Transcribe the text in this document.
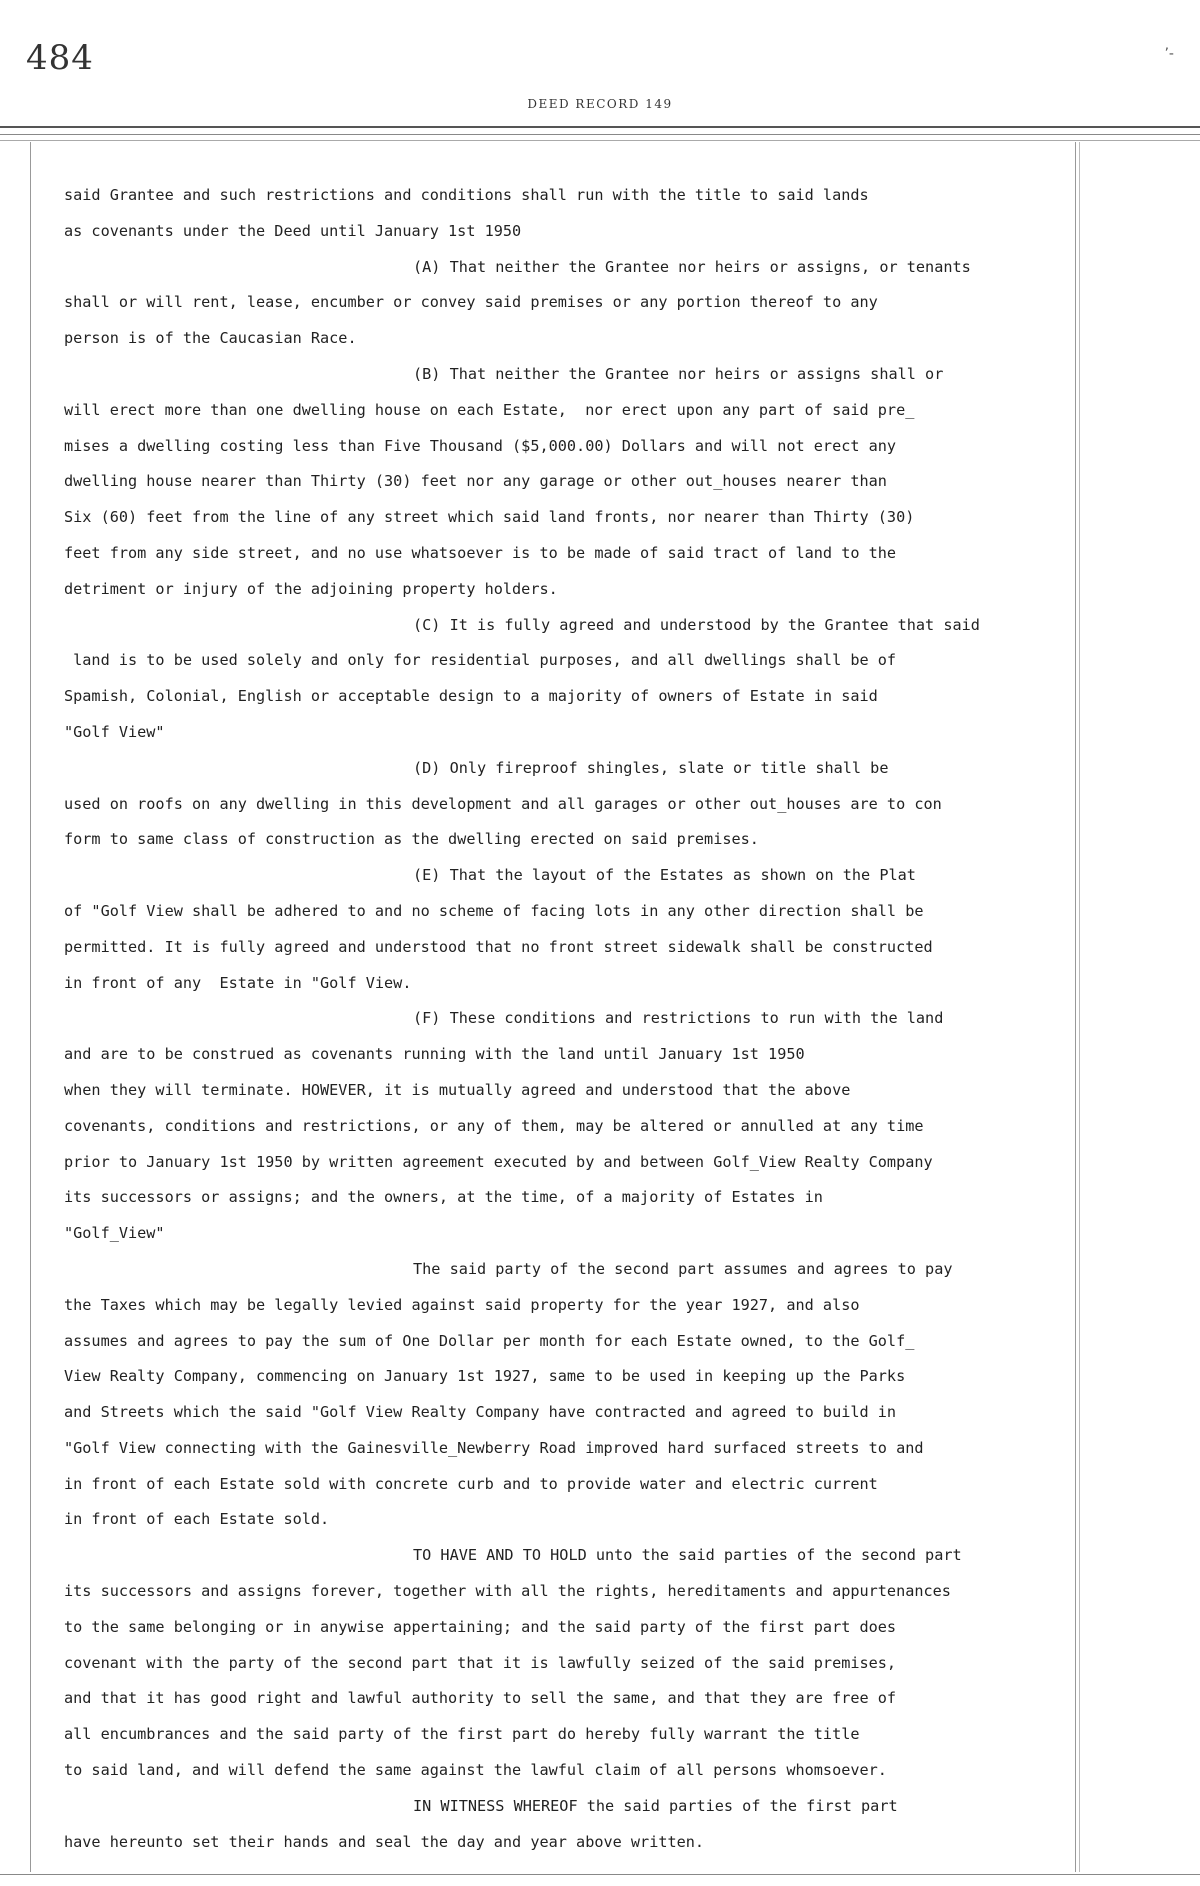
484	’-
DEED RECORD 149
said Grantee and such restrictions and conditions shall run with the title to said lands
as covenants under the Deed until January 1st 1950
(A) That neither the Grantee nor heirs or assigns, or tenants
shall or will rent, lease, encumber or convey said premises or any portion thereof to any
person is of the Caucasian Race.
(B) That neither the Grantee nor heirs or assigns shall or
will erect more than one dwelling house on each Estate,  nor erect upon any part of said pre_
mises a dwelling costing less than Five Thousand ($5,000.00) Dollars and will not erect any
dwelling house nearer than Thirty (30) feet nor any garage or other out_houses nearer than
Six (60) feet from the line of any street which said land fronts, nor nearer than Thirty (30)
feet from any side street, and no use whatsoever is to be made of said tract of land to the
detriment or injury of the adjoining property holders.
(C) It is fully agreed and understood by the Grantee that said
land is to be used solely and only for residential purposes, and all dwellings shall be of
Spamish, Colonial, English or acceptable design to a majority of owners of Estate in said
"Golf View"
(D) Only fireproof shingles, slate or title shall be
used on roofs on any dwelling in this development and all garages or other out_houses are to con
form to same class of construction as the dwelling erected on said premises.
(E) That the layout of the Estates as shown on the Plat
of "Golf View shall be adhered to and no scheme of facing lots in any other direction shall be
permitted. It is fully agreed and understood that no front street sidewalk shall be constructed
in front of any  Estate in "Golf View.
(F) These conditions and restrictions to run with the land
and are to be construed as covenants running with the land until January 1st 1950
when they will terminate. HOWEVER, it is mutually agreed and understood that the above
covenants, conditions and restrictions, or any of them, may be altered or annulled at any time
prior to January 1st 1950 by written agreement executed by and between Golf_View Realty Company
its successors or assigns; and the owners, at the time, of a majority of Estates in
"Golf_View"
The said party of the second part assumes and agrees to pay
the Taxes which may be legally levied against said property for the year 1927, and also
assumes and agrees to pay the sum of One Dollar per month for each Estate owned, to the Golf_
View Realty Company, commencing on January 1st 1927, same to be used in keeping up the Parks
and Streets which the said "Golf View Realty Company have contracted and agreed to build in
"Golf View connecting with the Gainesville_Newberry Road improved hard surfaced streets to and
in front of each Estate sold with concrete curb and to provide water and electric current
in front of each Estate sold.
TO HAVE AND TO HOLD unto the said parties of the second part
its successors and assigns forever, together with all the rights, hereditaments and appurtenances
to the same belonging or in anywise appertaining; and the said party of the first part does
covenant with the party of the second part that it is lawfully seized of the said premises,
and that it has good right and lawful authority to sell the same, and that they are free of
all encumbrances and the said party of the first part do hereby fully warrant the title
to said land, and will defend the same against the lawful claim of all persons whomsoever.
IN WITNESS WHEREOF the said parties of the first part
have hereunto set their hands and seal the day and year above written.
